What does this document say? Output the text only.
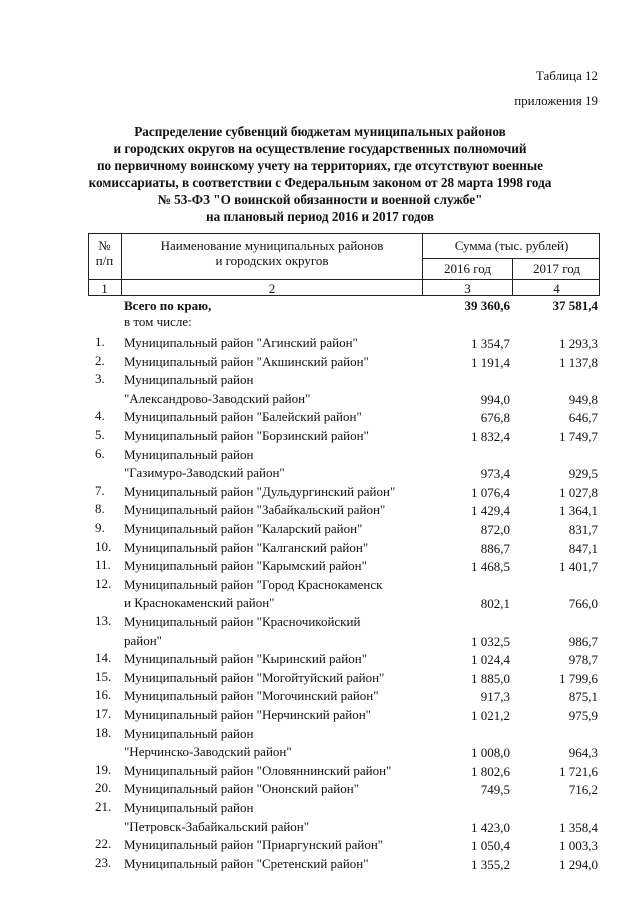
Таблица 12
приложения 19
Распределение субвенций бюджетам муниципальных районов
и городских округов на осуществление государственных полномочий
по первичному воинскому учету на территориях, где отсутствуют военные
комиссариаты, в соответствии с Федеральным законом от 28 марта 1998 года
№ 53-ФЗ "О воинской обязанности и военной службе"
на плановый период 2016 и 2017 годов
№
п/п
Наименование муниципальных районов
и городских округов
Сумма (тыс. рублей)
2016 год	2017 год
1	2	3	4
Всего по краю,	39 360,6	37 581,4
в том числе:
1.	Муниципальный район "Агинский район"	1 354,7	1 293,3
2.	Муниципальный район "Акшинский район"	1 191,4	1 137,8
3.	Муниципальный район
"Александрово-Заводский район"	994,0	949,8
4.	Муниципальный район "Балейский район"	676,8	646,7
5.	Муниципальный район "Борзинский район"	1 832,4	1 749,7
6.	Муниципальный район
"Газимуро-Заводский район"	973,4	929,5
7.	Муниципальный район "Дульдургинский район"	1 076,4	1 027,8
8.	Муниципальный район "Забайкальский район"	1 429,4	1 364,1
9.	Муниципальный район "Каларский район"	872,0	831,7
10. Муниципальный район "Калганский район"	886,7	847,1
11.	Муниципальный район "Карымский район"	1 468,5	1 401,7
12. Муниципальный район "Город Краснокаменск
и Краснокаменский район"	802,1	766,0
13. Муниципальный район "Красночикойский
район"	1 032,5	986,7
14. Муниципальный район "Кыринский район"	1 024,4	978,7
15. Муниципальный район "Могойтуйский район"	1 885,0	1 799,6
16. Муниципальный район "Могочинский район"	917,3	875,1
17. Муниципальный район "Нерчинский район"	1 021,2	975,9
18. Муниципальный район
"Нерчинско-Заводский район"	1 008,0	964,3
19. Муниципальный район "Оловяннинский район"	1 802,6	1 721,6
20. Муниципальный район "Ононский район"	749,5	716,2
21. Муниципальный район
"Петровск-Забайкальский район"	1 423,0	1 358,4
22. Муниципальный район "Приаргунский район"	1 050,4	1 003,3
23. Муниципальный район "Сретенский район"	1 355,2	1 294,0
